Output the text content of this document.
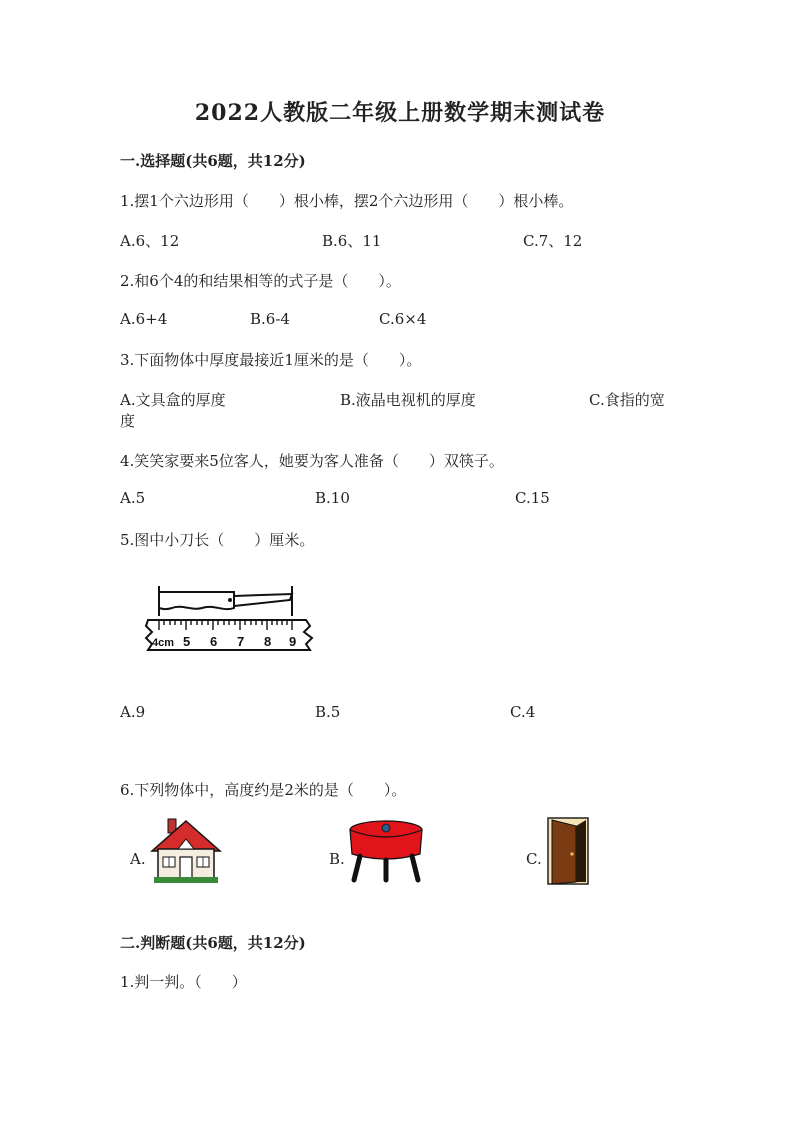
2022人教版二年级上册数学期末测试卷
一.选择题(共6题，共12分)
1.摆1个六边形用（　　）根小棒，摆2个六边形用（　　）根小棒。
A.6、12	B.6、11	C.7、12
2.和6个4的和结果相等的式子是（　　）。
A.6+4	B.6-4	C.6×4
3.下面物体中厚度最接近1厘米的是（　　）。
A.文具盒的厚度	B.液晶电视机的厚度	C.食指的宽
度
4.笑笑家要来5位客人，她要为客人准备（　　）双筷子。
A.5	B.10	C.15
5.图中小刀长（　　）厘米。
4cm 5 6 7 8 9
A.9	B.5	C.4
6.下列物体中，高度约是2米的是（　　）。
A.	B.	C.
二.判断题(共6题，共12分)
1.判一判。（　　）
